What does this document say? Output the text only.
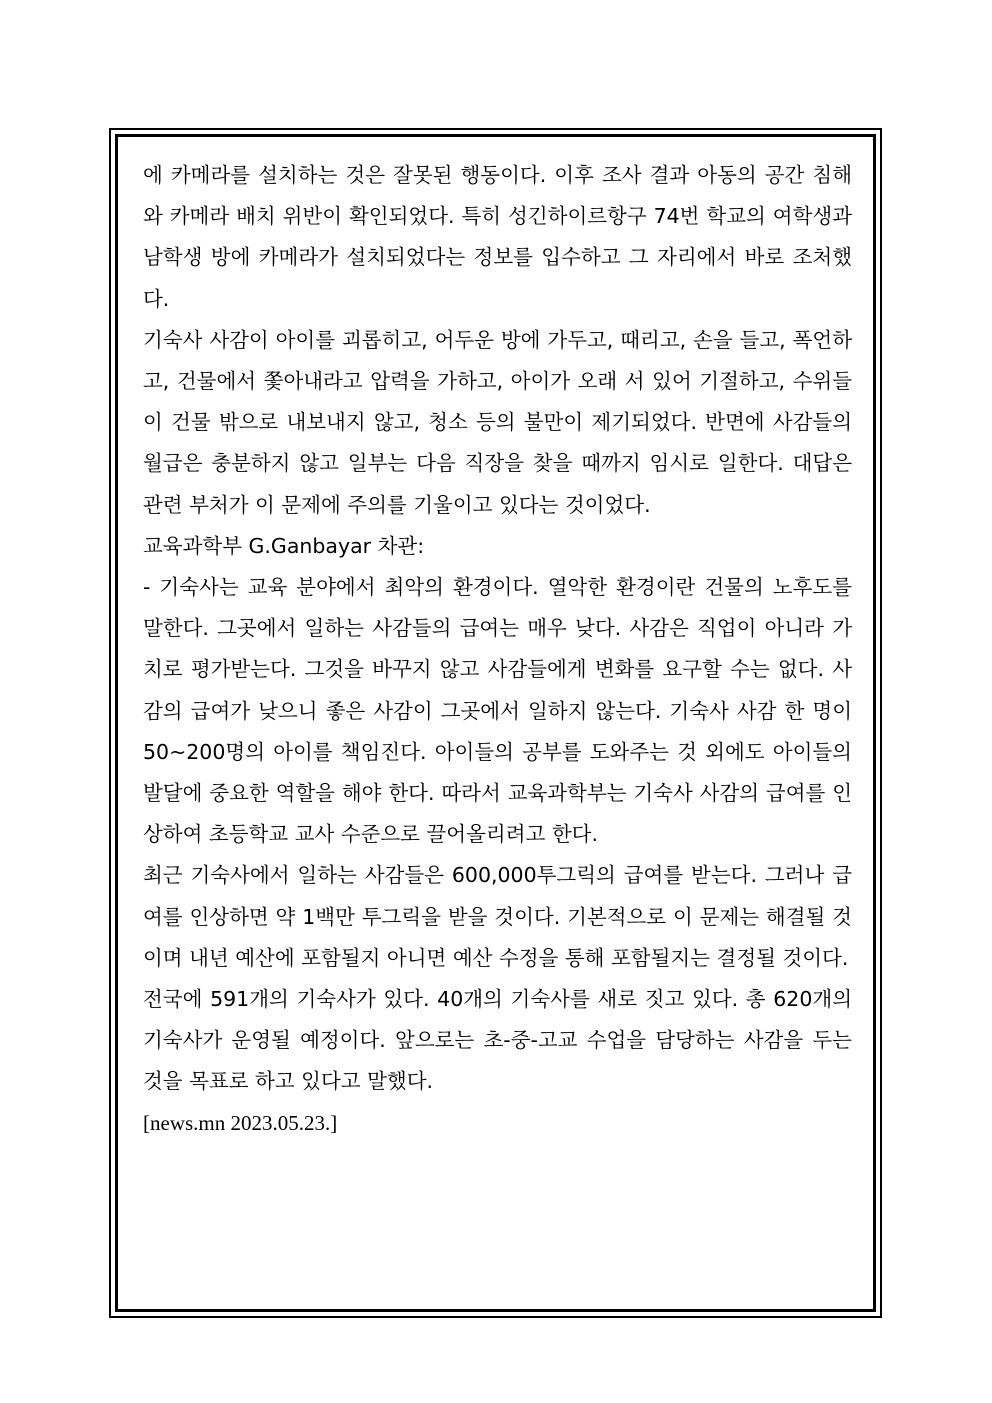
에 카메라를 설치하는 것은 잘못된 행동이다. 이후 조사 결과 아동의 공간 침해와 카메라 배치 위반이 확인되었다. 특히 성긴하이르항구 74번 학교의 여학생과 남학생 방에 카메라가 설치되었다는 정보를 입수하고 그 자리에서 바로 조처했다.

기숙사 사감이 아이를 괴롭히고, 어두운 방에 가두고, 때리고, 손을 들고, 폭언하고, 건물에서 쫓아내라고 압력을 가하고, 아이가 오래 서 있어 기절하고, 수위들이 건물 밖으로 내보내지 않고, 청소 등의 불만이 제기되었다. 반면에 사감들의 월급은 충분하지 않고 일부는 다음 직장을 찾을 때까지 임시로 일한다. 대답은 관련 부처가 이 문제에 주의를 기울이고 있다는 것이었다.

교육과학부 G.Ganbayar 차관:

- 기숙사는 교육 분야에서 최악의 환경이다. 열악한 환경이란 건물의 노후도를 말한다. 그곳에서 일하는 사감들의 급여는 매우 낮다. 사감은 직업이 아니라 가치로 평가받는다. 그것을 바꾸지 않고 사감들에게 변화를 요구할 수는 없다. 사감의 급여가 낮으니 좋은 사감이 그곳에서 일하지 않는다. 기숙사 사감 한 명이 50~200명의 아이를 책임진다. 아이들의 공부를 도와주는 것 외에도 아이들의 발달에 중요한 역할을 해야 한다. 따라서 교육과학부는 기숙사 사감의 급여를 인상하여 초등학교 교사 수준으로 끌어올리려고 한다.

최근 기숙사에서 일하는 사감들은 600,000투그릭의 급여를 받는다. 그러나 급여를 인상하면 약 1백만 투그릭을 받을 것이다. 기본적으로 이 문제는 해결될 것이며 내년 예산에 포함될지 아니면 예산 수정을 통해 포함될지는 결정될 것이다.

전국에 591개의 기숙사가 있다. 40개의 기숙사를 새로 짓고 있다. 총 620개의 기숙사가 운영될 예정이다. 앞으로는 초-중-고교 수업을 담당하는 사감을 두는 것을 목표로 하고 있다고 말했다.

[news.mn 2023.05.23.]
